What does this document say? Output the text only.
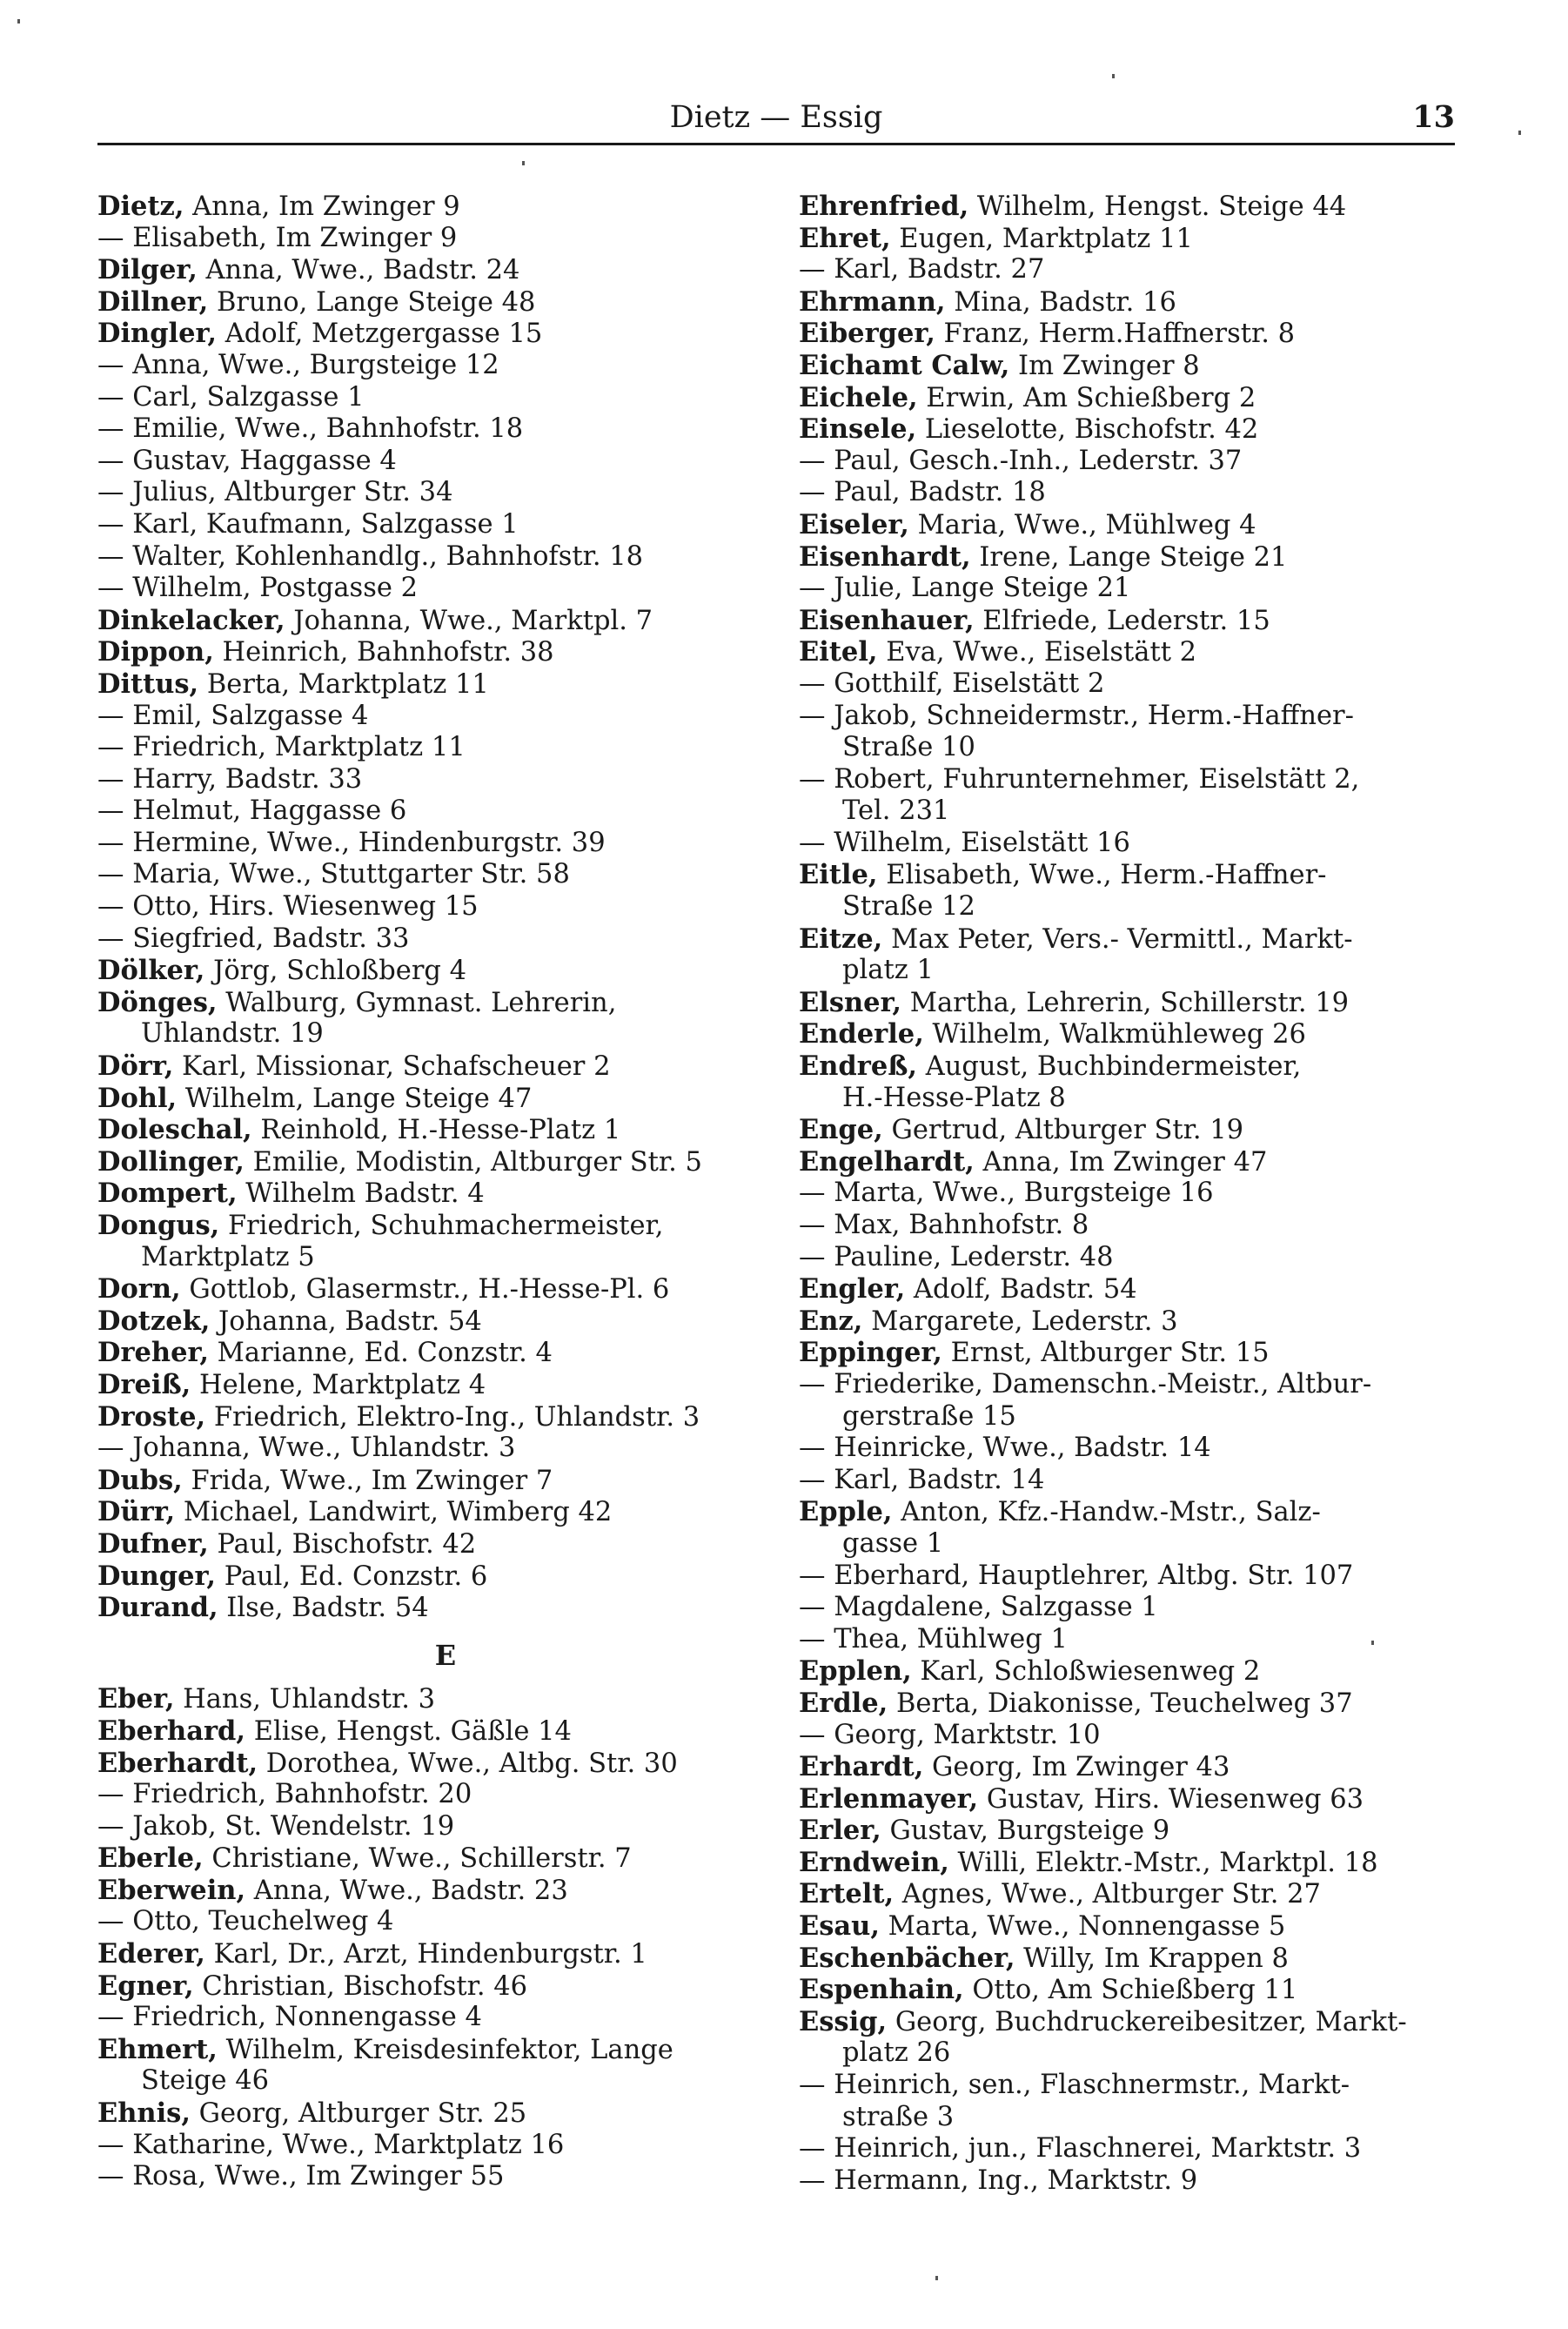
Dietz — Essig	13
Dietz, Anna, Im Zwinger 9
— Elisabeth, Im Zwinger 9
Dilger, Anna, Wwe., Badstr. 24
Dillner, Bruno, Lange Steige 48
Dingler, Adolf, Metzgergasse 15
— Anna, Wwe., Burgsteige 12
— Carl, Salzgasse 1
— Emilie, Wwe., Bahnhofstr. 18
— Gustav, Haggasse 4
— Julius, Altburger Str. 34
— Karl, Kaufmann, Salzgasse 1
— Walter, Kohlenhandlg., Bahnhofstr. 18
— Wilhelm, Postgasse 2
Dinkelacker, Johanna, Wwe., Marktpl. 7
Dippon, Heinrich, Bahnhofstr. 38
Dittus, Berta, Marktplatz 11
— Emil, Salzgasse 4
— Friedrich, Marktplatz 11
— Harry, Badstr. 33
— Helmut, Haggasse 6
— Hermine, Wwe., Hindenburgstr. 39
— Maria, Wwe., Stuttgarter Str. 58
— Otto, Hirs. Wiesenweg 15
— Siegfried, Badstr. 33
Dölker, Jörg, Schloßberg 4
Dönges, Walburg, Gymnast. Lehrerin,
Uhlandstr. 19
Dörr, Karl, Missionar, Schafscheuer 2
Dohl, Wilhelm, Lange Steige 47
Doleschal, Reinhold, H.-Hesse-Platz 1
Dollinger, Emilie, Modistin, Altburger Str. 5
Dompert, Wilhelm Badstr. 4
Dongus, Friedrich, Schuhmachermeister,
Marktplatz 5
Dorn, Gottlob, Glasermstr., H.-Hesse-Pl. 6
Dotzek, Johanna, Badstr. 54
Dreher, Marianne, Ed. Conzstr. 4
Dreiß, Helene, Marktplatz 4
Droste, Friedrich, Elektro-Ing., Uhlandstr. 3
— Johanna, Wwe., Uhlandstr. 3
Dubs, Frida, Wwe., Im Zwinger 7
Dürr, Michael, Landwirt, Wimberg 42
Dufner, Paul, Bischofstr. 42
Dunger, Paul, Ed. Conzstr. 6
Durand, Ilse, Badstr. 54
E
Eber, Hans, Uhlandstr. 3
Eberhard, Elise, Hengst. Gäßle 14
Eberhardt, Dorothea, Wwe., Altbg. Str. 30
— Friedrich, Bahnhofstr. 20
— Jakob, St. Wendelstr. 19
Eberle, Christiane, Wwe., Schillerstr. 7
Eberwein, Anna, Wwe., Badstr. 23
— Otto, Teuchelweg 4
Ederer, Karl, Dr., Arzt, Hindenburgstr. 1
Egner, Christian, Bischofstr. 46
— Friedrich, Nonnengasse 4
Ehmert, Wilhelm, Kreisdesinfektor, Lange
Steige 46
Ehnis, Georg, Altburger Str. 25
— Katharine, Wwe., Marktplatz 16
— Rosa, Wwe., Im Zwinger 55
Ehrenfried, Wilhelm, Hengst. Steige 44
Ehret, Eugen, Marktplatz 11
— Karl, Badstr. 27
Ehrmann, Mina, Badstr. 16
Eiberger, Franz, Herm.Haffnerstr. 8
Eichamt Calw, Im Zwinger 8
Eichele, Erwin, Am Schießberg 2
Einsele, Lieselotte, Bischofstr. 42
— Paul, Gesch.-Inh., Lederstr. 37
— Paul, Badstr. 18
Eiseler, Maria, Wwe., Mühlweg 4
Eisenhardt, Irene, Lange Steige 21
— Julie, Lange Steige 21
Eisenhauer, Elfriede, Lederstr. 15
Eitel, Eva, Wwe., Eiselstätt 2
— Gotthilf, Eiselstätt 2
— Jakob, Schneidermstr., Herm.-Haffner-
Straße 10
— Robert, Fuhrunternehmer, Eiselstätt 2,
Tel. 231
— Wilhelm, Eiselstätt 16
Eitle, Elisabeth, Wwe., Herm.-Haffner-
Straße 12
Eitze, Max Peter, Vers.- Vermittl., Markt-
platz 1
Elsner, Martha, Lehrerin, Schillerstr. 19
Enderle, Wilhelm, Walkmühleweg 26
Endreß, August, Buchbindermeister,
H.-Hesse-Platz 8
Enge, Gertrud, Altburger Str. 19
Engelhardt, Anna, Im Zwinger 47
— Marta, Wwe., Burgsteige 16
— Max, Bahnhofstr. 8
— Pauline, Lederstr. 48
Engler, Adolf, Badstr. 54
Enz, Margarete, Lederstr. 3
Eppinger, Ernst, Altburger Str. 15
— Friederike, Damenschn.-Meistr., Altbur-
gerstraße 15
— Heinricke, Wwe., Badstr. 14
— Karl, Badstr. 14
Epple, Anton, Kfz.-Handw.-Mstr., Salz-
gasse 1
— Eberhard, Hauptlehrer, Altbg. Str. 107
— Magdalene, Salzgasse 1
— Thea, Mühlweg 1
Epplen, Karl, Schloßwiesenweg 2
Erdle, Berta, Diakonisse, Teuchelweg 37
— Georg, Marktstr. 10
Erhardt, Georg, Im Zwinger 43
Erlenmayer, Gustav, Hirs. Wiesenweg 63
Erler, Gustav, Burgsteige 9
Erndwein, Willi, Elektr.-Mstr., Marktpl. 18
Ertelt, Agnes, Wwe., Altburger Str. 27
Esau, Marta, Wwe., Nonnengasse 5
Eschenbächer, Willy, Im Krappen 8
Espenhain, Otto, Am Schießberg 11
Essig, Georg, Buchdruckereibesitzer, Markt-
platz 26
— Heinrich, sen., Flaschnermstr., Markt-
straße 3
— Heinrich, jun., Flaschnerei, Marktstr. 3
— Hermann, Ing., Marktstr. 9
